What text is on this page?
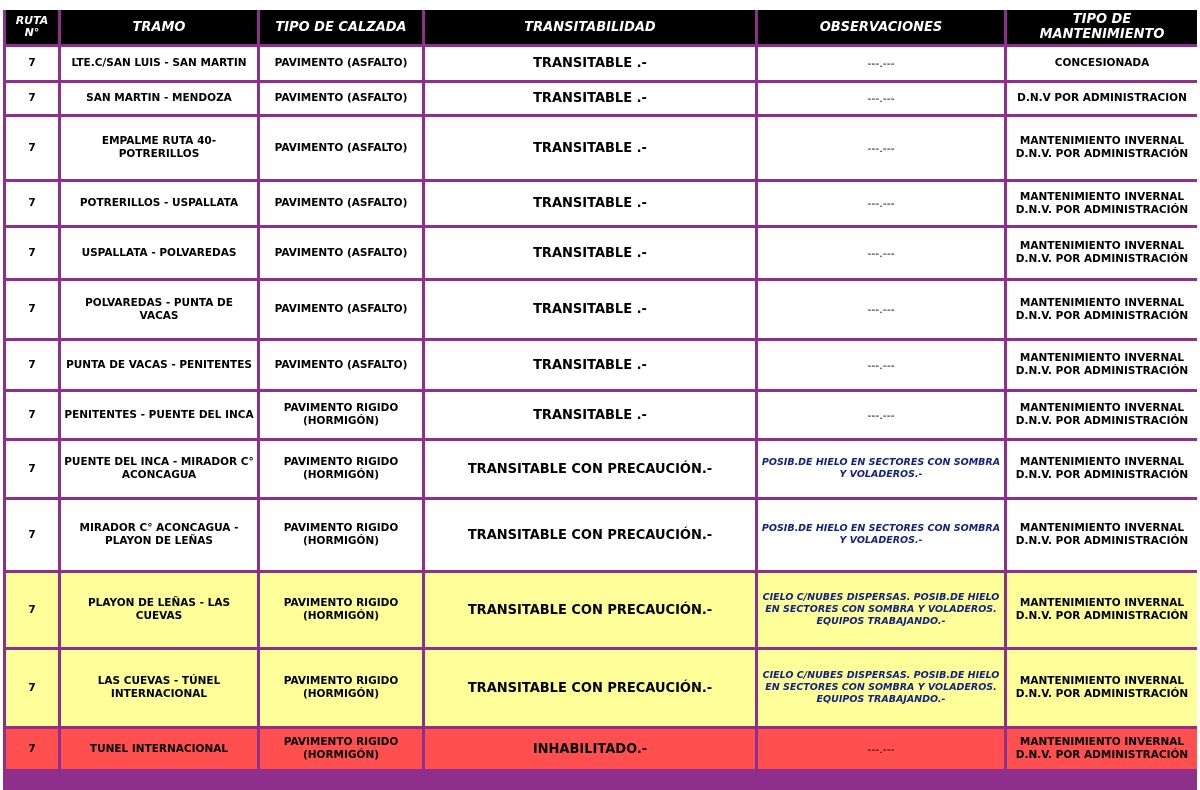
RUTA N°	TRAMO	TIPO DE CALZADA	TRANSITABILIDAD	OBSERVACIONES	TIPO DE MANTENIMIENTO
7	LTE.C/SAN LUIS - SAN MARTIN	PAVIMENTO (ASFALTO)	TRANSITABLE .-	---.---	CONCESIONADA
7	SAN MARTIN - MENDOZA	PAVIMENTO (ASFALTO)	TRANSITABLE .-	---.---	D.N.V POR ADMINISTRACION
7	EMPALME RUTA 40- POTRERILLOS	PAVIMENTO (ASFALTO)	TRANSITABLE .-	---.---	MANTENIMIENTO INVERNAL D.N.V. POR ADMINISTRACIÓN
7	POTRERILLOS - USPALLATA	PAVIMENTO (ASFALTO)	TRANSITABLE .-	---.---	MANTENIMIENTO INVERNAL D.N.V. POR ADMINISTRACIÓN
7	USPALLATA - POLVAREDAS	PAVIMENTO (ASFALTO)	TRANSITABLE .-	---.---	MANTENIMIENTO INVERNAL D.N.V. POR ADMINISTRACIÓN
7	POLVAREDAS - PUNTA DE VACAS	PAVIMENTO (ASFALTO)	TRANSITABLE .-	---.---	MANTENIMIENTO INVERNAL D.N.V. POR ADMINISTRACIÓN
7	PUNTA DE VACAS - PENITENTES	PAVIMENTO (ASFALTO)	TRANSITABLE .-	---.---	MANTENIMIENTO INVERNAL D.N.V. POR ADMINISTRACIÓN
7	PENITENTES - PUENTE DEL INCA	PAVIMENTO RIGIDO (HORMIGÓN)	TRANSITABLE .-	---.---	MANTENIMIENTO INVERNAL D.N.V. POR ADMINISTRACIÓN
7	PUENTE DEL INCA - MIRADOR C° ACONCAGUA	PAVIMENTO RIGIDO (HORMIGÓN)	TRANSITABLE CON PRECAUCIÓN.-	POSIB.DE HIELO EN SECTORES CON SOMBRA Y VOLADEROS.-	MANTENIMIENTO INVERNAL D.N.V. POR ADMINISTRACIÓN
7	MIRADOR C° ACONCAGUA - PLAYON DE LEÑAS	PAVIMENTO RIGIDO (HORMIGÓN)	TRANSITABLE CON PRECAUCIÓN.-	POSIB.DE HIELO EN SECTORES CON SOMBRA Y VOLADEROS.-	MANTENIMIENTO INVERNAL D.N.V. POR ADMINISTRACIÓN
7	PLAYON DE LEÑAS - LAS CUEVAS	PAVIMENTO RIGIDO (HORMIGÓN)	TRANSITABLE CON PRECAUCIÓN.-	CIELO C/NUBES DISPERSAS. POSIB.DE HIELO EN SECTORES CON SOMBRA Y VOLADEROS. EQUIPOS TRABAJANDO.-	MANTENIMIENTO INVERNAL D.N.V. POR ADMINISTRACIÓN
7	LAS CUEVAS - TÚNEL INTERNACIONAL	PAVIMENTO RIGIDO (HORMIGÓN)	TRANSITABLE CON PRECAUCIÓN.-	CIELO C/NUBES DISPERSAS. POSIB.DE HIELO EN SECTORES CON SOMBRA Y VOLADEROS. EQUIPOS TRABAJANDO.-	MANTENIMIENTO INVERNAL D.N.V. POR ADMINISTRACIÓN
7	TUNEL INTERNACIONAL	PAVIMENTO RIGIDO (HORMIGÓN)	INHABILITADO.-	---.---	MANTENIMIENTO INVERNAL D.N.V. POR ADMINISTRACIÓN
